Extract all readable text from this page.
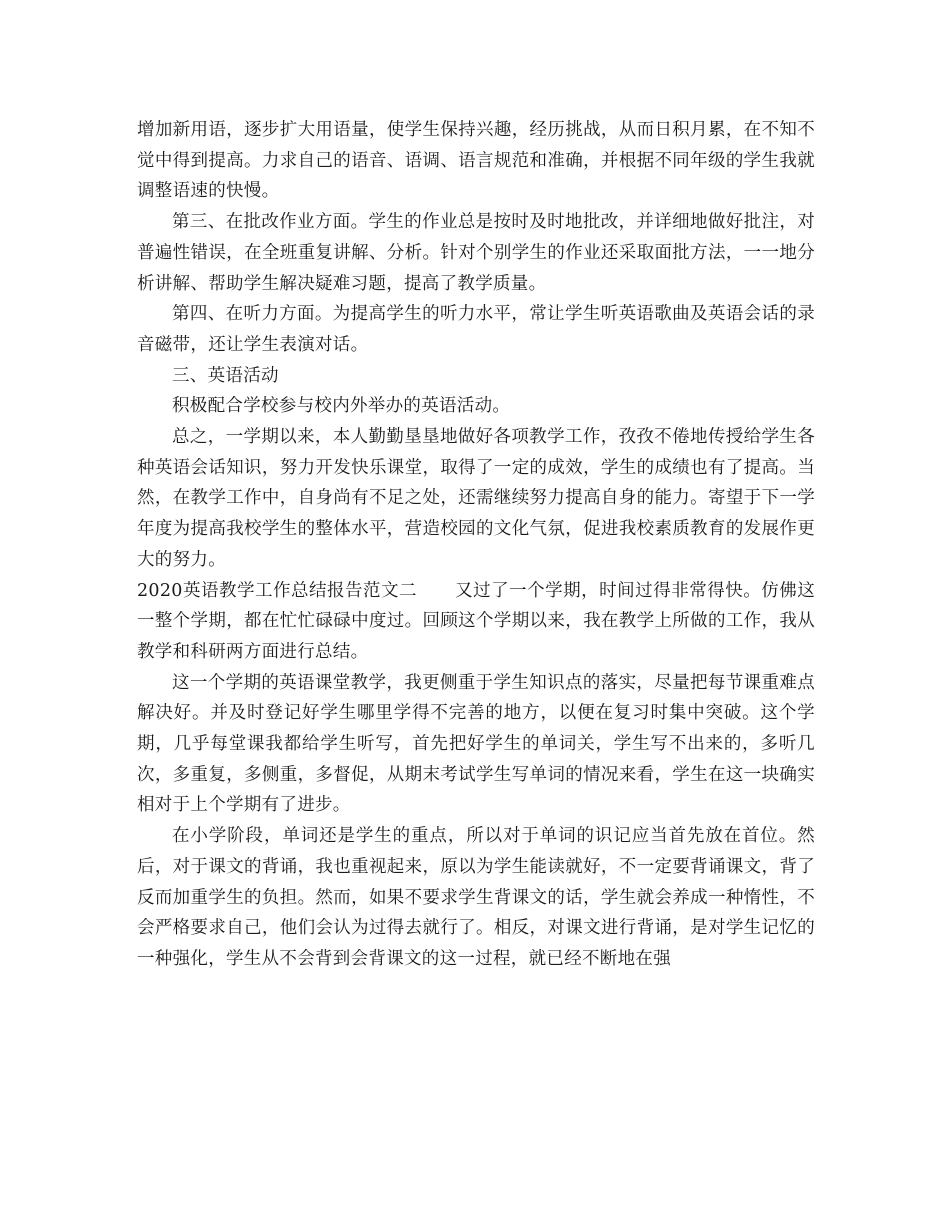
增加新用语，逐步扩大用语量，使学生保持兴趣，经历挑战，从而日积月累，在不知不觉中得到提高。力求自己的语音、语调、语言规范和准确，并根据不同年级的学生我就调整语速的快慢。

第三、在批改作业方面。学生的作业总是按时及时地批改，并详细地做好批注，对普遍性错误，在全班重复讲解、分析。针对个别学生的作业还采取面批方法，一一地分析讲解、帮助学生解决疑难习题，提高了教学质量。

第四、在听力方面。为提高学生的听力水平，常让学生听英语歌曲及英语会话的录音磁带，还让学生表演对话。

三、英语活动

积极配合学校参与校内外举办的英语活动。

总之，一学期以来，本人勤勤垦垦地做好各项教学工作，孜孜不倦地传授给学生各种英语会话知识，努力开发快乐课堂，取得了一定的成效，学生的成绩也有了提高。当然，在教学工作中，自身尚有不足之处，还需继续努力提高自身的能力。寄望于下一学年度为提高我校学生的整体水平，营造校园的文化气氛，促进我校素质教育的发展作更大的努力。

2020英语教学工作总结报告范文二 又过了一个学期，时间过得非常得快。仿佛这一整个学期，都在忙忙碌碌中度过。回顾这个学期以来，我在教学上所做的工作，我从教学和科研两方面进行总结。

这一个学期的英语课堂教学，我更侧重于学生知识点的落实，尽量把每节课重难点解决好。并及时登记好学生哪里学得不完善的地方，以便在复习时集中突破。这个学期，几乎每堂课我都给学生听写，首先把好学生的单词关，学生写不出来的，多听几次，多重复，多侧重，多督促，从期末考试学生写单词的情况来看，学生在这一块确实相对于上个学期有了进步。

在小学阶段，单词还是学生的重点，所以对于单词的识记应当首先放在首位。然后，对于课文的背诵，我也重视起来，原以为学生能读就好，不一定要背诵课文，背了反而加重学生的负担。然而，如果不要求学生背课文的话，学生就会养成一种惰性，不会严格要求自己，他们会认为过得去就行了。相反，对课文进行背诵，是对学生记忆的一种强化，学生从不会背到会背课文的这一过程，就已经不断地在强
